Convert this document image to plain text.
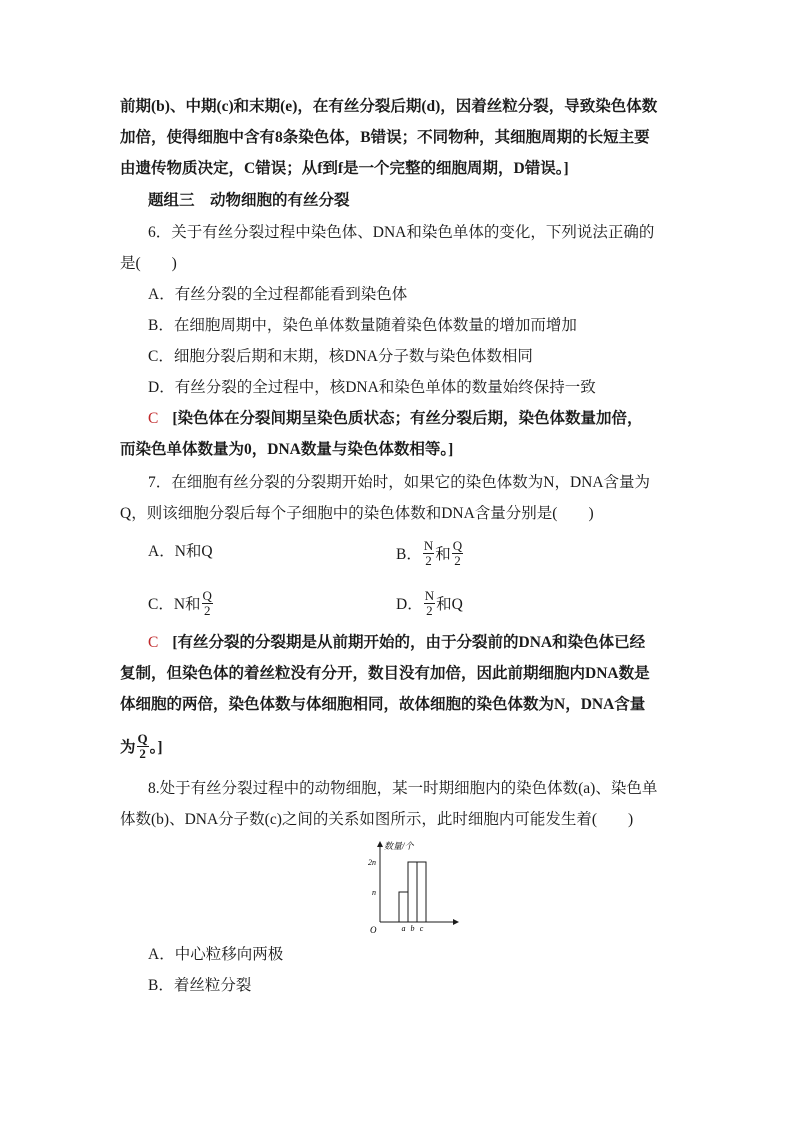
前期(b)、中期(c)和末期(e)，在有丝分裂后期(d)，因着丝粒分裂，导致染色体数
加倍，使得细胞中含有8条染色体，B错误；不同物种，其细胞周期的长短主要
由遗传物质决定，C错误；从f到f是一个完整的细胞周期，D错误。]
题组三　动物细胞的有丝分裂
6．关于有丝分裂过程中染色体、DNA和染色单体的变化，下列说法正确的
是(　　)
A．有丝分裂的全过程都能看到染色体
B．在细胞周期中，染色单体数量随着染色体数量的增加而增加
C．细胞分裂后期和末期，核DNA分子数与染色体数相同
D．有丝分裂的全过程中，核DNA和染色单体的数量始终保持一致
C [染色体在分裂间期呈染色质状态；有丝分裂后期，染色体数量加倍，
而染色单体数量为0，DNA数量与染色体数相等。]
7．在细胞有丝分裂的分裂期开始时，如果它的染色体数为N，DNA含量为
Q，则该细胞分裂后每个子细胞中的染色体数和DNA含量分别是(　　)
A．N和Q	B． $\frac{N}{2}$ 和 $\frac{Q}{2}$
C．N和 $\frac{Q}{2}$	D． $\frac{N}{2}$ 和Q
C [有丝分裂的分裂期是从前期开始的，由于分裂前的DNA和染色体已经
复制，但染色体的着丝粒没有分开，数目没有加倍，因此前期细胞内DNA数是
体细胞的两倍，染色体数与体细胞相同，故体细胞的染色体数为N，DNA含量
为 $\frac{Q}{2}$ 。]
8.处于有丝分裂过程中的动物细胞，某一时期细胞内的染色体数(a)、染色单
体数(b)、DNA分子数(c)之间的关系如图所示，此时细胞内可能发生着(　　)
数量/个
O
n
2n
a b c
A．中心粒移向两极
B．着丝粒分裂
